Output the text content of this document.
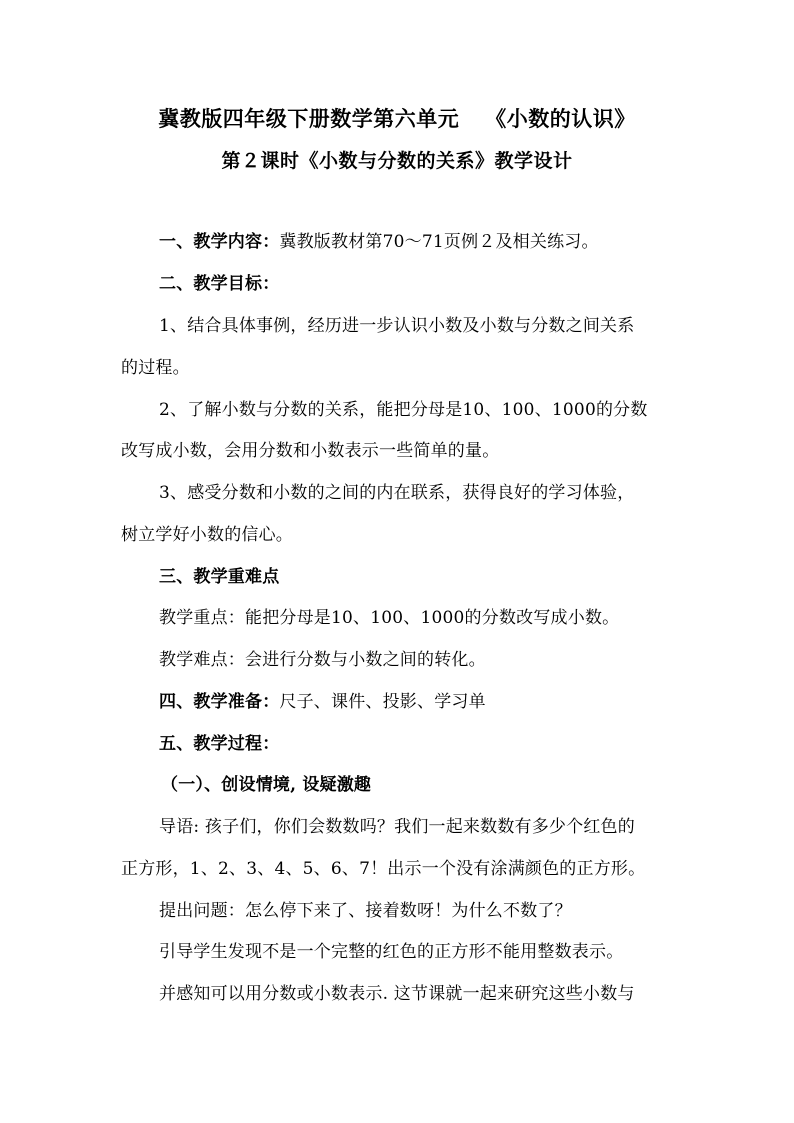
冀教版四年级下册数学第六单元 《小数的认识》
第２课时《小数与分数的关系》教学设计
一、教学内容：冀教版教材第70～71页例２及相关练习。
二、教学目标：
1、结合具体事例，经历进一步认识小数及小数与分数之间关系
的过程。
2、了解小数与分数的关系，能把分母是10、100、1000的分数
改写成小数，会用分数和小数表示一些简单的量。
3、感受分数和小数的之间的内在联系，获得良好的学习体验，
树立学好小数的信心。
三、教学重难点
教学重点：能把分母是10、100、1000的分数改写成小数。
教学难点：会进行分数与小数之间的转化。
四、教学准备：尺子、课件、投影、学习单
五、教学过程：
（一）、创设情境, 设疑激趣
导语: 孩子们，你们会数数吗？我们一起来数数有多少个红色的
正方形，1、2、3、4、5、6、7！出示一个没有涂满颜色的正方形。
提出问题：怎么停下来了、接着数呀！为什么不数了？
引导学生发现不是一个完整的红色的正方形不能用整数表示。
并感知可以用分数或小数表示. 这节课就一起来研究这些小数与
